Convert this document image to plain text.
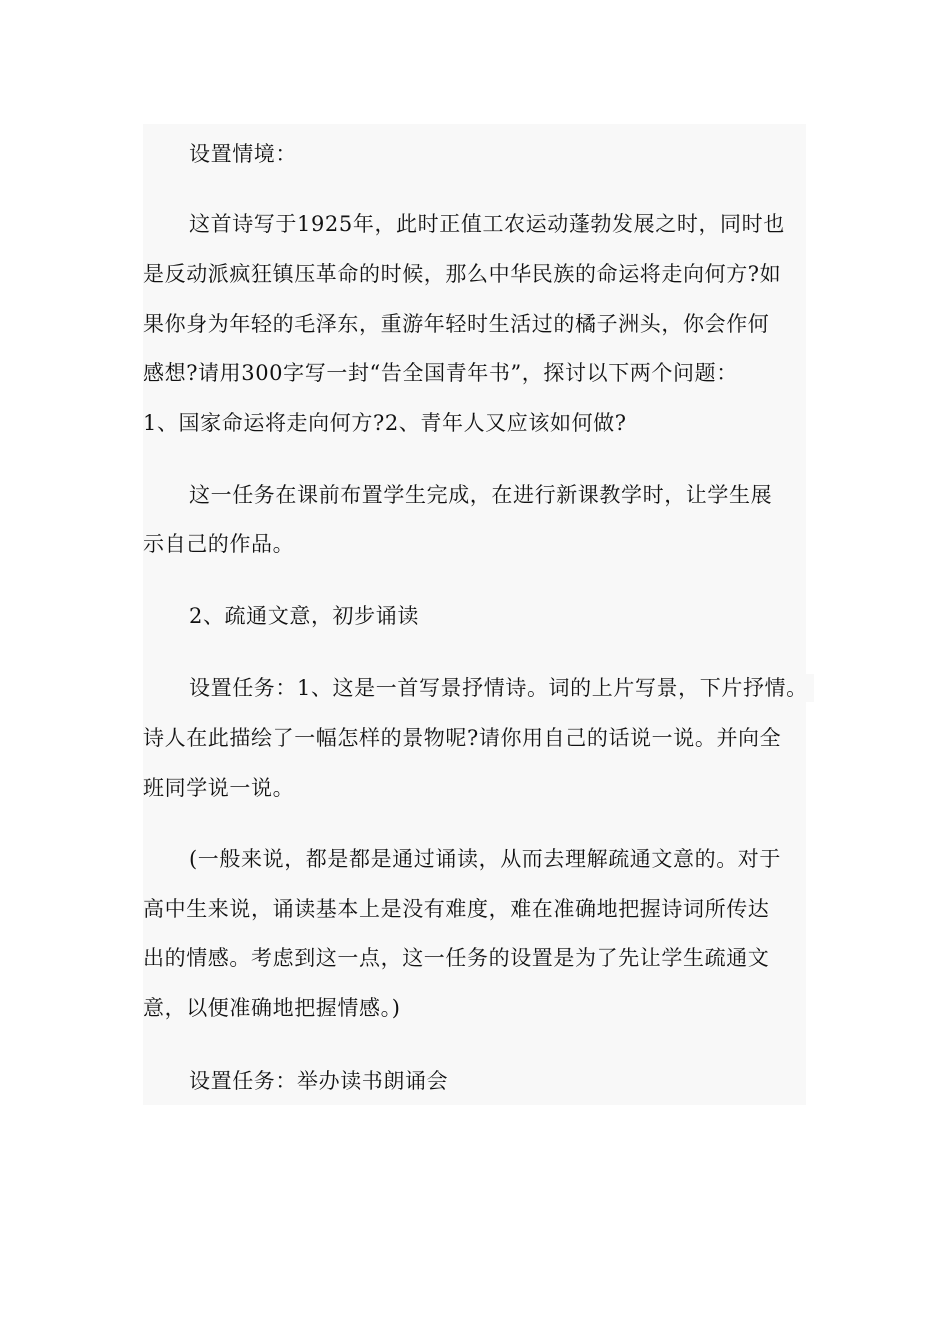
设置情境：
这首诗写于1925年，此时正值工农运动蓬勃发展之时，同时也
是反动派疯狂镇压革命的时候，那么中华民族的命运将走向何方?如
果你身为年轻的毛泽东，重游年轻时生活过的橘子洲头，你会作何
感想?请用300字写一封“告全国青年书”，探讨以下两个问题：
1、国家命运将走向何方?2、青年人又应该如何做?
这一任务在课前布置学生完成，在进行新课教学时，让学生展
示自己的作品。
2、疏通文意，初步诵读
设置任务：1、这是一首写景抒情诗。词的上片写景，下片抒情。
诗人在此描绘了一幅怎样的景物呢?请你用自己的话说一说。并向全
班同学说一说。
(一般来说，都是都是通过诵读，从而去理解疏通文意的。对于
高中生来说，诵读基本上是没有难度，难在准确地把握诗词所传达
出的情感。考虑到这一点，这一任务的设置是为了先让学生疏通文
意，以便准确地把握情感。)
设置任务：举办读书朗诵会
